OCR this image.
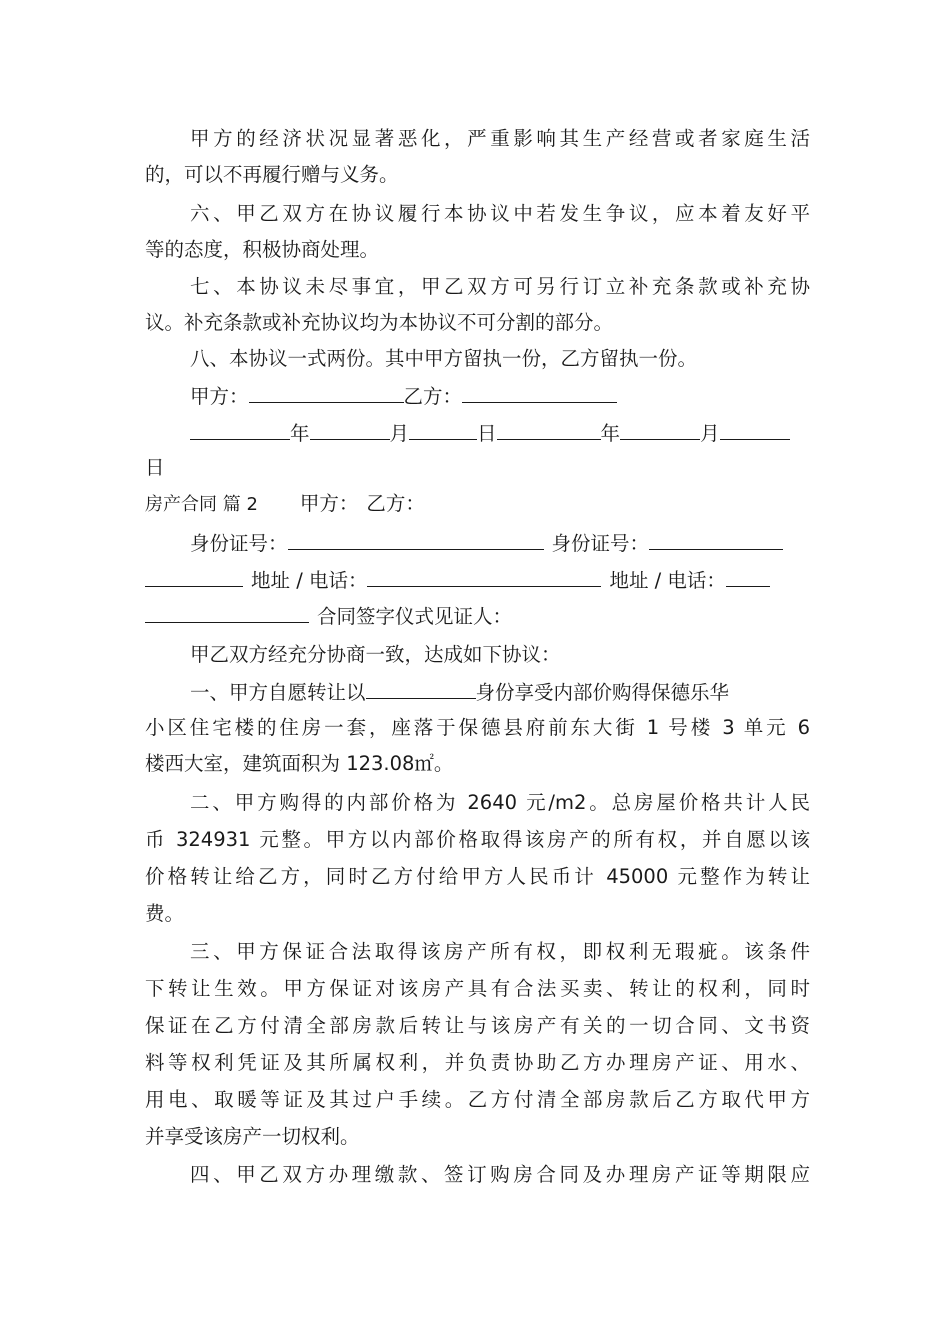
甲方的经济状况显著恶化，严重影响其生产经营或者家庭生活
的，可以不再履行赠与义务。
六、甲乙双方在协议履行本协议中若发生争议，应本着友好平
等的态度，积极协商处理。
七、本协议未尽事宜，甲乙双方可另行订立补充条款或补充协
议。补充条款或补充协议均为本协议不可分割的部分。
八、本协议一式两份。其中甲方留执一份，乙方留执一份。
甲方：	乙方：
年	月	日	年	月
日
房产合同 篇 2 甲方： 乙方：
身份证号：	身份证号：
地址 / 电话：	地址 / 电话：
合同签字仪式见证人：
甲乙双方经充分协商一致，达成如下协议：
一、甲方自愿转让以	身份享受内部价购得保德乐华
小区住宅楼的住房一套，座落于保德县府前东大街 1 号楼 3 单元 6
楼西大室，建筑面积为 123.08㎡。
二、甲方购得的内部价格为 2640 元/m2。总房屋价格共计人民
币 324931 元整。甲方以内部价格取得该房产的所有权，并自愿以该
价格转让给乙方，同时乙方付给甲方人民币计 45000 元整作为转让
费。
三、甲方保证合法取得该房产所有权，即权利无瑕疵。该条件
下转让生效。甲方保证对该房产具有合法买卖、转让的权利，同时
保证在乙方付清全部房款后转让与该房产有关的一切合同、文书资
料等权利凭证及其所属权利，并负责协助乙方办理房产证、用水、
用电、取暖等证及其过户手续。乙方付清全部房款后乙方取代甲方
并享受该房产一切权利。
四、甲乙双方办理缴款、签订购房合同及办理房产证等期限应
